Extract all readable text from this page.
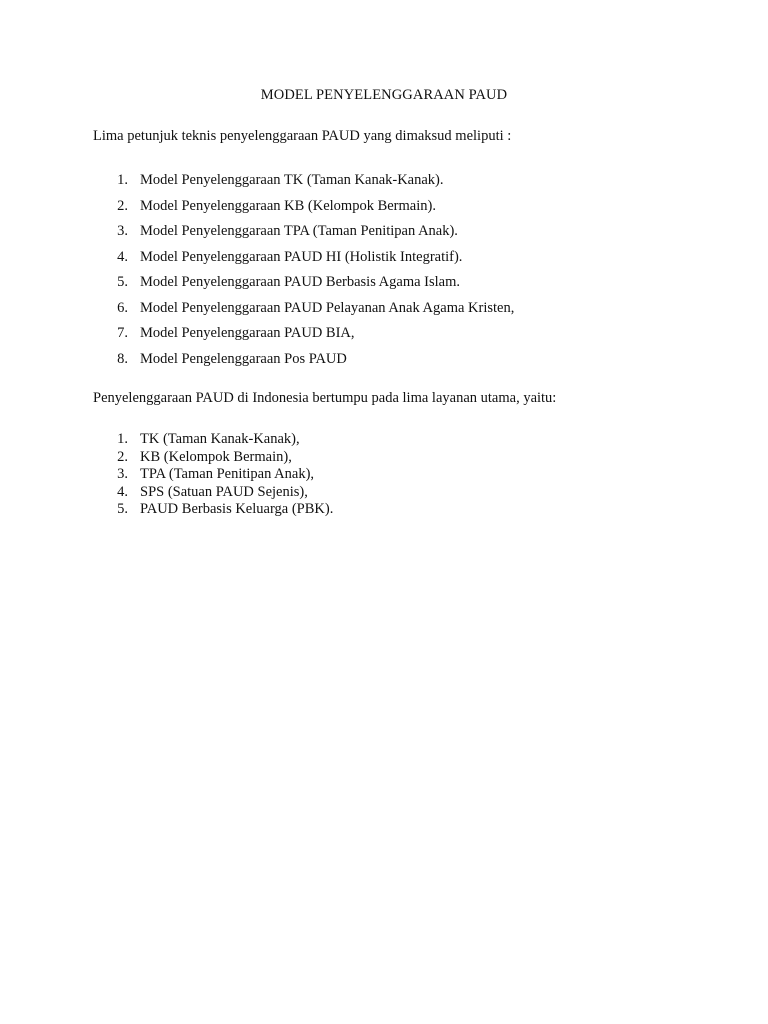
MODEL PENYELENGGARAAN PAUD

Lima petunjuk teknis penyelenggaraan PAUD yang dimaksud meliputi :

1. Model Penyelenggaraan TK (Taman Kanak-Kanak).
2. Model Penyelenggaraan KB (Kelompok Bermain).
3. Model Penyelenggaraan TPA (Taman Penitipan Anak).
4. Model Penyelenggaraan PAUD HI (Holistik Integratif).
5. Model Penyelenggaraan PAUD Berbasis Agama Islam.
6. Model Penyelenggaraan PAUD Pelayanan Anak Agama Kristen,
7. Model Penyelenggaraan PAUD BIA,
8. Model Pengelenggaraan Pos PAUD

Penyelenggaraan PAUD di Indonesia bertumpu pada lima layanan utama, yaitu:

1. TK (Taman Kanak-Kanak),
2. KB (Kelompok Bermain),
3. TPA (Taman Penitipan Anak),
4. SPS (Satuan PAUD Sejenis),
5. PAUD Berbasis Keluarga (PBK).
